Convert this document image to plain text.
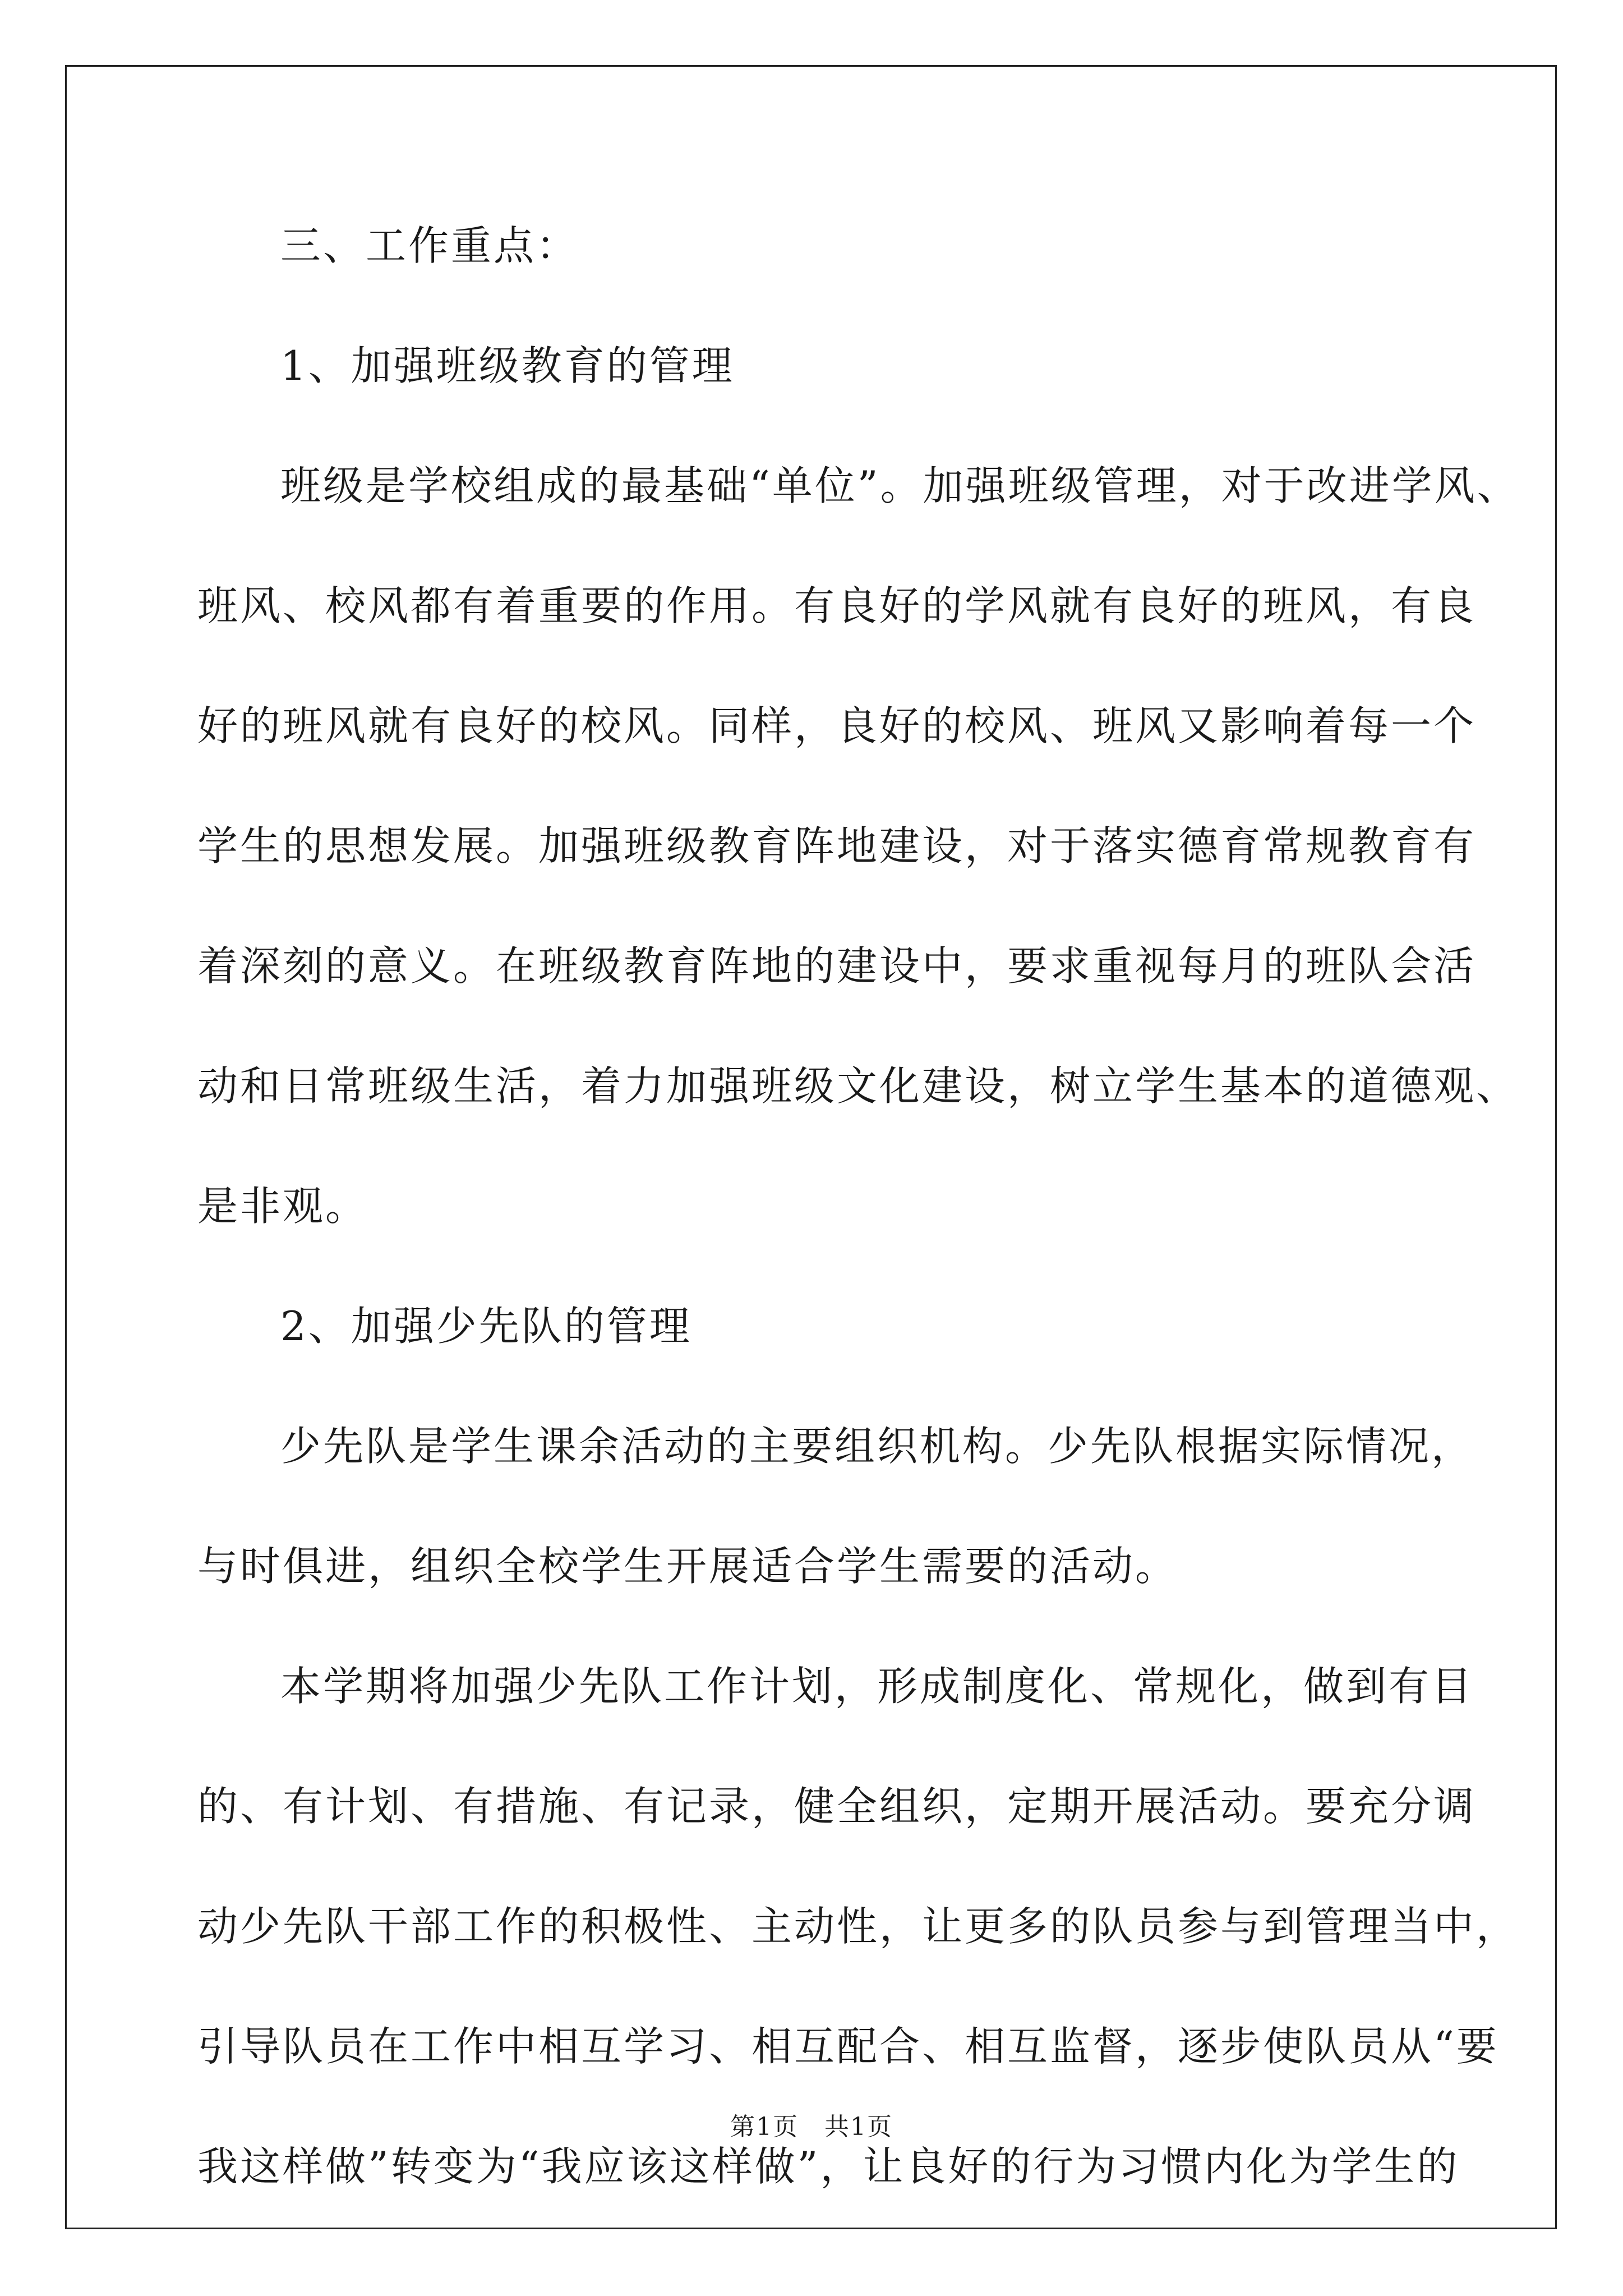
三、工作重点：
1、加强班级教育的管理
班级是学校组成的最基础“单位”。加强班级管理，对于改进学风、
班风、校风都有着重要的作用。有良好的学风就有良好的班风，有良
好的班风就有良好的校风。同样，良好的校风、班风又影响着每一个
学生的思想发展。加强班级教育阵地建设，对于落实德育常规教育有
着深刻的意义。在班级教育阵地的建设中，要求重视每月的班队会活
动和日常班级生活，着力加强班级文化建设，树立学生基本的道德观、
是非观。
2、加强少先队的管理
少先队是学生课余活动的主要组织机构。少先队根据实际情况，
与时俱进，组织全校学生开展适合学生需要的活动。
本学期将加强少先队工作计划，形成制度化、常规化，做到有目
的、有计划、有措施、有记录，健全组织，定期开展活动。要充分调
动少先队干部工作的积极性、主动性，让更多的队员参与到管理当中，
引导队员在工作中相互学习、相互配合、相互监督，逐步使队员从“要
我这样做”转变为“我应该这样做”，让良好的行为习惯内化为学生的
第1页　共1页
